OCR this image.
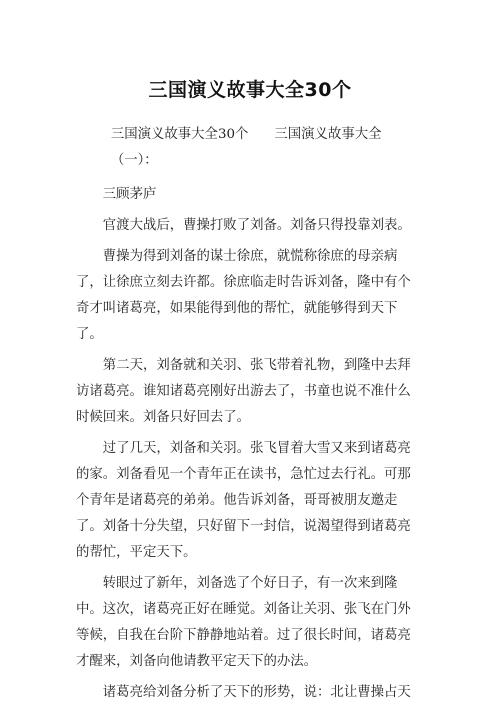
三国演义故事大全30个

三国演义故事大全30个 三国演义故事大全（一）：

三顾茅庐

官渡大战后，曹操打败了刘备。刘备只得投靠刘表。

曹操为得到刘备的谋士徐庶，就慌称徐庶的母亲病了，让徐庶立刻去许都。徐庶临走时告诉刘备，隆中有个奇才叫诸葛亮，如果能得到他的帮忙，就能够得到天下了。

第二天，刘备就和关羽、张飞带着礼物，到隆中去拜访诸葛亮。谁知诸葛亮刚好出游去了，书童也说不准什么时候回来。刘备只好回去了。

过了几天，刘备和关羽。张飞冒着大雪又来到诸葛亮的家。刘备看见一个青年正在读书，急忙过去行礼。可那个青年是诸葛亮的弟弟。他告诉刘备，哥哥被朋友邀走了。刘备十分失望，只好留下一封信，说渴望得到诸葛亮的帮忙，平定天下。

转眼过了新年，刘备选了个好日子，有一次来到隆中。这次，诸葛亮正好在睡觉。刘备让关羽、张飞在门外等候，自我在台阶下静静地站着。过了很长时间，诸葛亮才醒来，刘备向他请教平定天下的办法。

诸葛亮给刘备分析了天下的形势，说：北让曹操占天
